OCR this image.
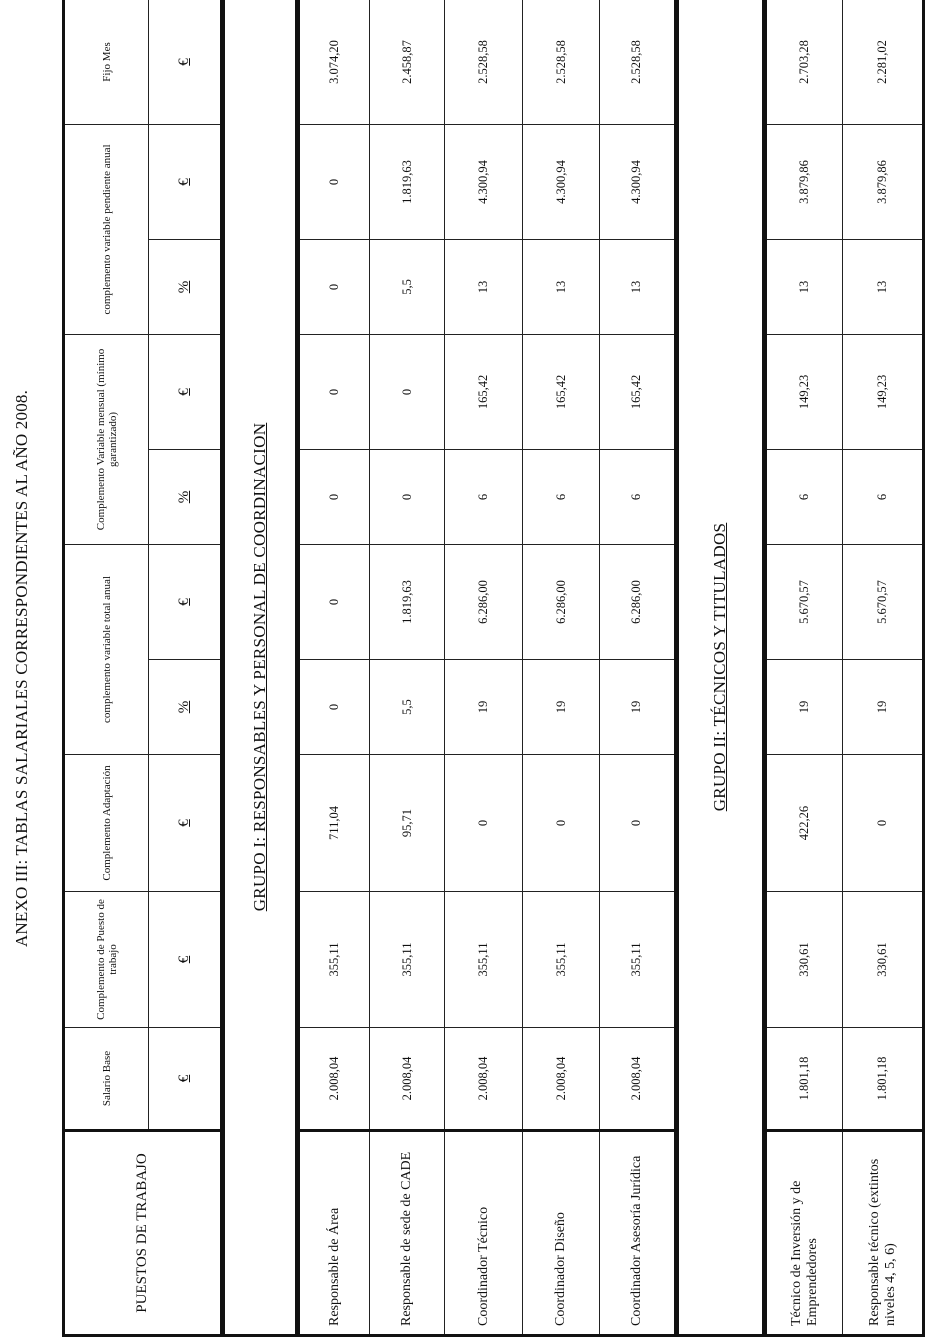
ANEXO III: TABLAS SALARIALES CORRESPONDIENTES AL AÑO 2008.
PUESTOS DE TRABAJO	Salario Base	Complemento de Puesto de trabajo	Complemento Adaptación	complemento variable total anual		Complemento Variable mensual (mínimo garantizado)		complemento variable pendiente anual		Fijo Mes
	€	€	€	%	€	%	€	%	€	€
GRUPO I: RESPONSABLES Y PERSONAL DE COORDINACION										
Responsable de Área	2.008,04	355,11	711,04	0	0	0	0	0	0	3.074,20
Responsable de sede de CADE	2.008,04	355,11	95,71	5,5	1.819,63	0	0	5,5	1.819,63	2.458,87
Coordinador Técnico	2.008,04	355,11	0	19	6.286,00	6	165,42	13	4.300,94	2.528,58
Coordinador Diseño	2.008,04	355,11	0	19	6.286,00	6	165,42	13	4.300,94	2.528,58
Coordinador Asesoría Jurídica	2.008,04	355,11	0	19	6.286,00	6	165,42	13	4.300,94	2.528,58
GRUPO II: TÉCNICOS Y TITULADOS										
Técnico de Inversión y de Emprendedores	1.801,18	330,61	422,26	19	5.670,57	6	149,23	13	3.879,86	2.703,28
Responsable técnico (extintos niveles 4, 5, 6)	1.801,18	330,61	0	19	5.670,57	6	149,23	13	3.879,86	2.281,02
